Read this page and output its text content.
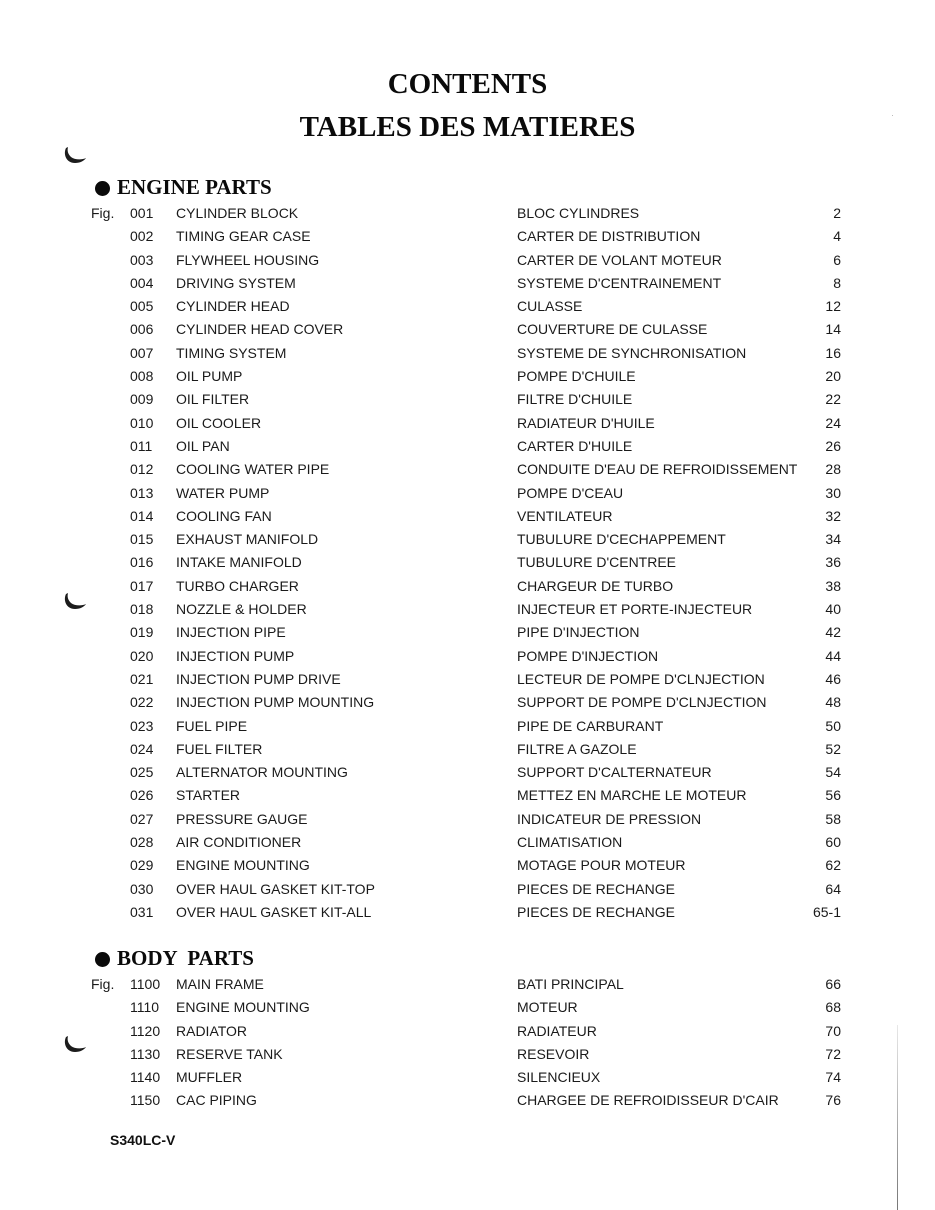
CONTENTS
TABLES DES MATIERES
ENGINE PARTS
Fig. 001 CYLINDER BLOCK	BLOC CYLINDRES	2
002 TIMING GEAR CASE	CARTER DE DISTRIBUTION	4
003 FLYWHEEL HOUSING	CARTER DE VOLANT MOTEUR	6
004 DRIVING SYSTEM	SYSTEME D'CENTRAINEMENT	8
005 CYLINDER HEAD	CULASSE	12
006 CYLINDER HEAD COVER	COUVERTURE DE CULASSE	14
007 TIMING SYSTEM	SYSTEME DE SYNCHRONISATION	16
008 OIL PUMP	POMPE D'CHUILE	20
009 OIL FILTER	FILTRE D'CHUILE	22
010 OIL COOLER	RADIATEUR D'HUILE	24
011 OIL PAN	CARTER D'HUILE	26
012 COOLING WATER PIPE	CONDUITE D'EAU DE REFROIDISSEMENT 28
013 WATER PUMP	POMPE D'CEAU	30
014 COOLING FAN	VENTILATEUR	32
015 EXHAUST MANIFOLD	TUBULURE D'CECHAPPEMENT	34
016 INTAKE MANIFOLD	TUBULURE D'CENTREE	36
017 TURBO CHARGER	CHARGEUR DE TURBO	38
018 NOZZLE & HOLDER	INJECTEUR ET PORTE-INJECTEUR	40
019 INJECTION PIPE	PIPE D'INJECTION	42
020 INJECTION PUMP	POMPE D'INJECTION	44
021 INJECTION PUMP DRIVE	LECTEUR DE POMPE D'CLNJECTION	46
022 INJECTION PUMP MOUNTING	SUPPORT DE POMPE D'CLNJECTION	48
023 FUEL PIPE	PIPE DE CARBURANT	50
024 FUEL FILTER	FILTRE A GAZOLE	52
025 ALTERNATOR MOUNTING	SUPPORT D'CALTERNATEUR	54
026 STARTER	METTEZ EN MARCHE LE MOTEUR	56
027 PRESSURE GAUGE	INDICATEUR DE PRESSION	58
028 AIR CONDITIONER	CLIMATISATION	60
029 ENGINE MOUNTING	MOTAGE POUR MOTEUR	62
030 OVER HAUL GASKET KIT-TOP	PIECES DE RECHANGE	64
031 OVER HAUL GASKET KIT-ALL	PIECES DE RECHANGE	65-1
BODY  PARTS
Fig. 1100 MAIN FRAME	BATI PRINCIPAL	66
1110 ENGINE MOUNTING	MOTEUR	68
1120 RADIATOR	RADIATEUR	70
1130 RESERVE TANK	RESEVOIR	72
1140 MUFFLER	SILENCIEUX	74
1150 CAC PIPING	CHARGEE DE REFROIDISSEUR D'CAIR	76
S340LC-V
